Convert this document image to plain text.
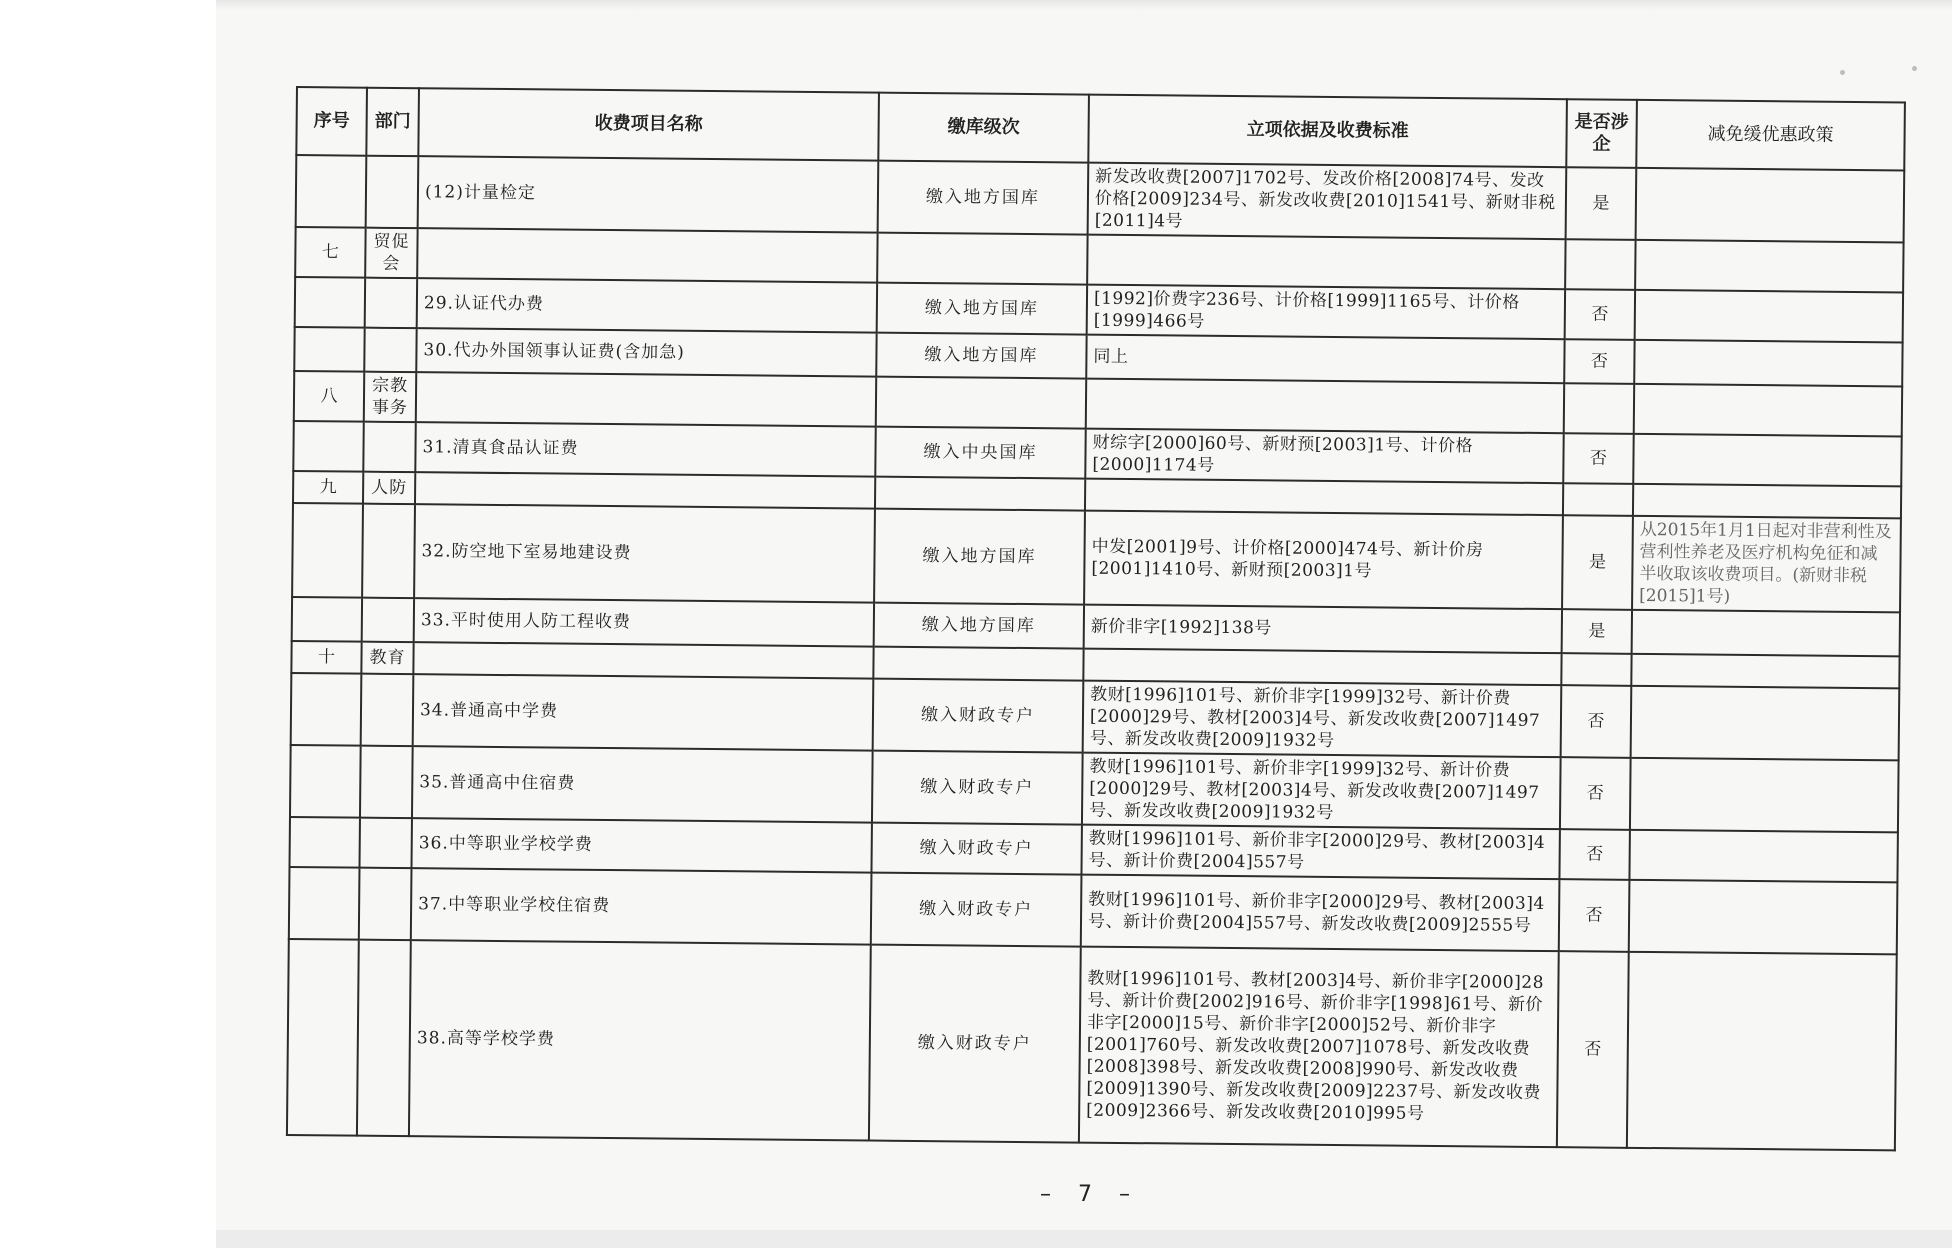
序号	部门	收费项目名称	缴库级次	立项依据及收费标准	是否涉企	减免缓优惠政策
		(12)计量检定	缴入地方国库	新发改收费[2007]1702号、发改价格[2008]74号、发改价格[2009]234号、新发改收费[2010]1541号、新财非税[2011]4号	是	
七	贸促会					
		29.认证代办费	缴入地方国库	[1992]价费字236号、计价格[1999]1165号、计价格[1999]466号	否	
		30.代办外国领事认证费(含加急)	缴入地方国库	同上	否	
八	宗教事务					
		31.清真食品认证费	缴入中央国库	财综字[2000]60号、新财预[2003]1号、计价格[2000]1174号	否	
九	人防					
		32.防空地下室易地建设费	缴入地方国库	中发[2001]9号、计价格[2000]474号、新计价房[2001]1410号、新财预[2003]1号	是	从2015年1月1日起对非营利性及营利性养老及医疗机构免征和减半收取该收费项目。(新财非税[2015]1号)
		33.平时使用人防工程收费	缴入地方国库	新价非字[1992]138号	是	
十	教育					
		34.普通高中学费	缴入财政专户	教财[1996]101号、新价非字[1999]32号、新计价费[2000]29号、教材[2003]4号、新发改收费[2007]1497号、新发改收费[2009]1932号	否	
		35.普通高中住宿费	缴入财政专户	教财[1996]101号、新价非字[1999]32号、新计价费[2000]29号、教材[2003]4号、新发改收费[2007]1497号、新发改收费[2009]1932号	否	
		36.中等职业学校学费	缴入财政专户	教财[1996]101号、新价非字[2000]29号、教材[2003]4号、新计价费[2004]557号	否	
		37.中等职业学校住宿费	缴入财政专户	教财[1996]101号、新价非字[2000]29号、教材[2003]4号、新计价费[2004]557号、新发改收费[2009]2555号	否	
		38.高等学校学费	缴入财政专户	教财[1996]101号、教材[2003]4号、新价非字[2000]28号、新计价费[2002]916号、新价非字[1998]61号、新价非字[2000]15号、新价非字[2000]52号、新价非字[2001]760号、新发改收费[2007]1078号、新发改收费[2008]398号、新发改收费[2008]990号、新发改收费[2009]1390号、新发改收费[2009]2237号、新发改收费[2009]2366号、新发改收费[2010]995号	否	
– 7 –
